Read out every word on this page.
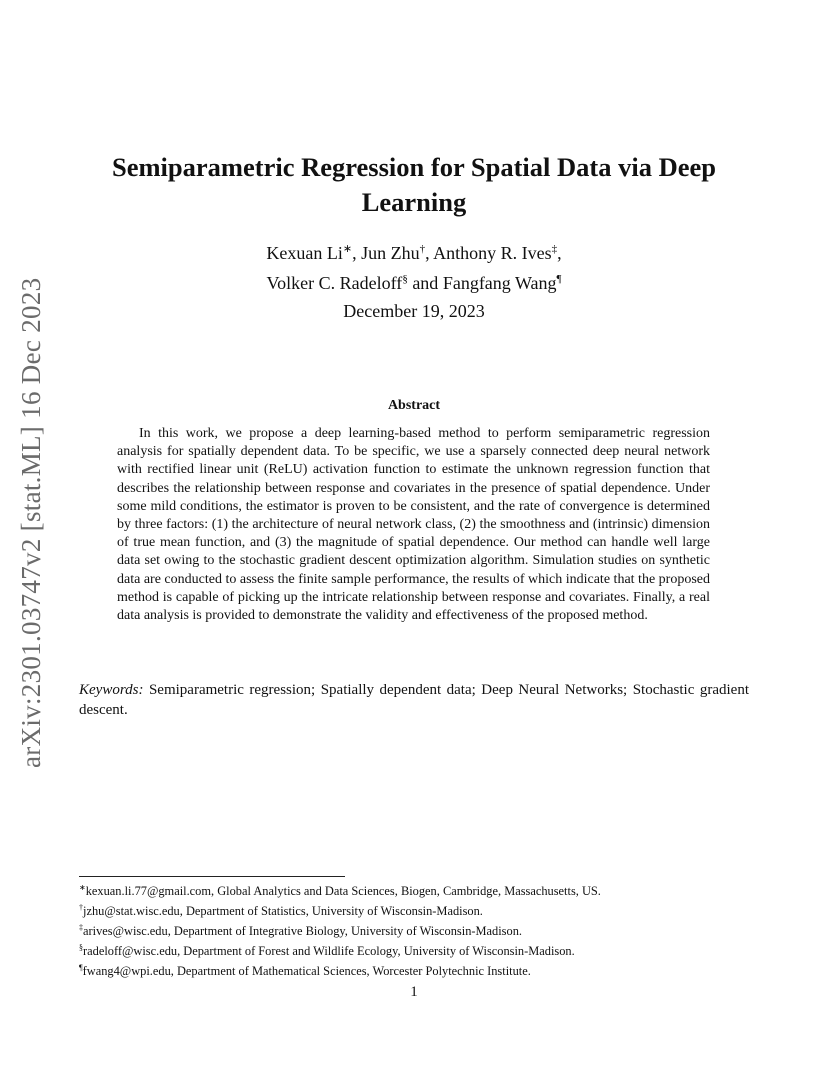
arXiv:2301.03747v2 [stat.ML] 16 Dec 2023
Semiparametric Regression for Spatial Data via Deep Learning
Kexuan Li∗, Jun Zhu†, Anthony R. Ives‡,
Volker C. Radeloff§ and Fangfang Wang¶
December 19, 2023
Abstract

In this work, we propose a deep learning-based method to perform semiparametric regression analysis for spatially dependent data. To be specific, we use a sparsely connected deep neural network with rectified linear unit (ReLU) activation function to estimate the unknown regression function that describes the relationship between response and covariates in the presence of spatial dependence. Under some mild conditions, the estimator is proven to be consistent, and the rate of convergence is determined by three factors: (1) the architecture of neural network class, (2) the smoothness and (intrinsic) dimension of true mean function, and (3) the magnitude of spatial dependence. Our method can handle well large data set owing to the stochastic gradient descent optimization algorithm. Simulation studies on synthetic data are conducted to assess the finite sample performance, the results of which indicate that the proposed method is capable of picking up the intricate relationship between response and covariates. Finally, a real data analysis is provided to demonstrate the validity and effectiveness of the proposed method.

Keywords: Semiparametric regression; Spatially dependent data; Deep Neural Networks; Stochastic gradient descent.
∗kexuan.li.77@gmail.com, Global Analytics and Data Sciences, Biogen, Cambridge, Massachusetts, US.
†jzhu@stat.wisc.edu, Department of Statistics, University of Wisconsin-Madison.
‡arives@wisc.edu, Department of Integrative Biology, University of Wisconsin-Madison.
§radeloff@wisc.edu, Department of Forest and Wildlife Ecology, University of Wisconsin-Madison.
¶fwang4@wpi.edu, Department of Mathematical Sciences, Worcester Polytechnic Institute.
1
